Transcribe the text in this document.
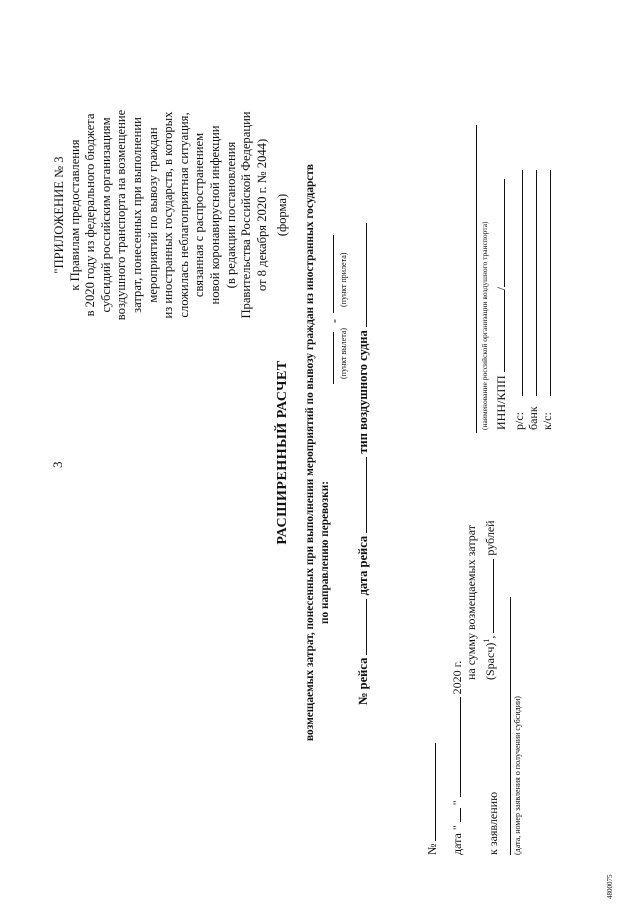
3
"ПРИЛОЖЕНИЕ № 3 к Правилам предоставления в 2020 году из федерального бюджета субсидий российским организациям воздушного транспорта на возмещение затрат, понесенных при выполнении мероприятий по вывозу граждан из иностранных государств, в которых сложилась неблагоприятная ситуация, связанная с распространением новой коронавирусной инфекции (в редакции постановления Правительства Российской Федерации от 8 декабря 2020 г. № 2044) (форма)
РАСШИРЕННЫЙ РАСЧЕТ возмещаемых затрат, понесенных при выполнении мероприятий по вывозу граждан из иностранных государств по направлению перевозки:
-
(пункт вылета)
(пункт прилета)
№ рейса  дата рейса  тип воздушного судна
№ дата "  "  2020 г.
к заявлению (дата, номер заявления о получении субсидии)
на сумму возмещаемых затрат (Spacч)$^1$,  рублей
(наименование российской организации воздушного транспорта) ИНН/КПП /
р/с: банк к/с:
4800075
